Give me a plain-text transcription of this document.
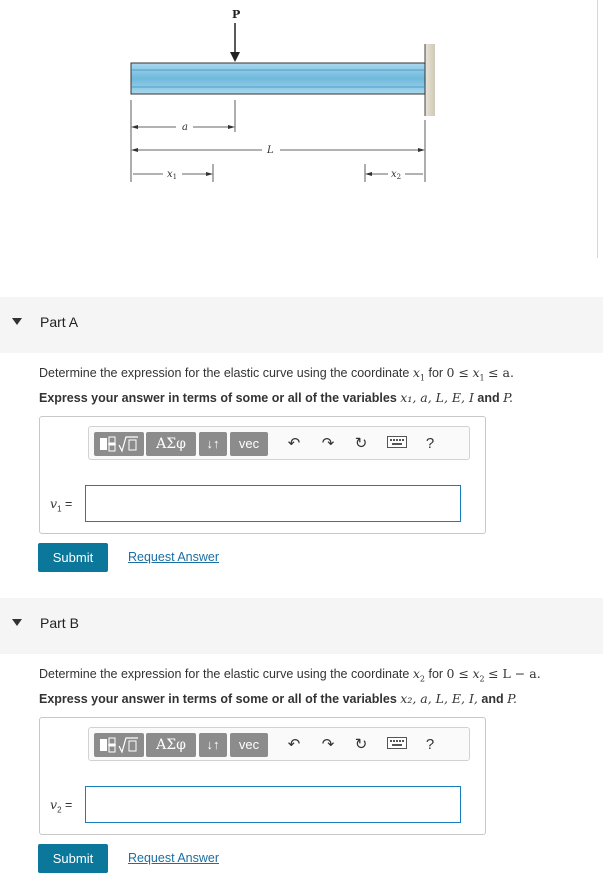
P
a
L
$x_1$	$x_2$
Part A
Determine the expression for the elastic curve using the coordinate $x_1$ for $0 \le x_1 \le a$.
Express your answer in terms of some or all of the variables x₁, a, L, E, I and P.
ΑΣφ	↓↑	vec	↶	↷	↻	?
$v_1$ =
Submit	Request Answer
Part B
Determine the expression for the elastic curve using the coordinate $x_2$ for $0 \le x_2 \le L - a$.
Express your answer in terms of some or all of the variables x₂, a, L, E, I, and P.
ΑΣφ	↓↑	vec	↶	↷	↻	?
$v_2$ =
Submit	Request Answer
